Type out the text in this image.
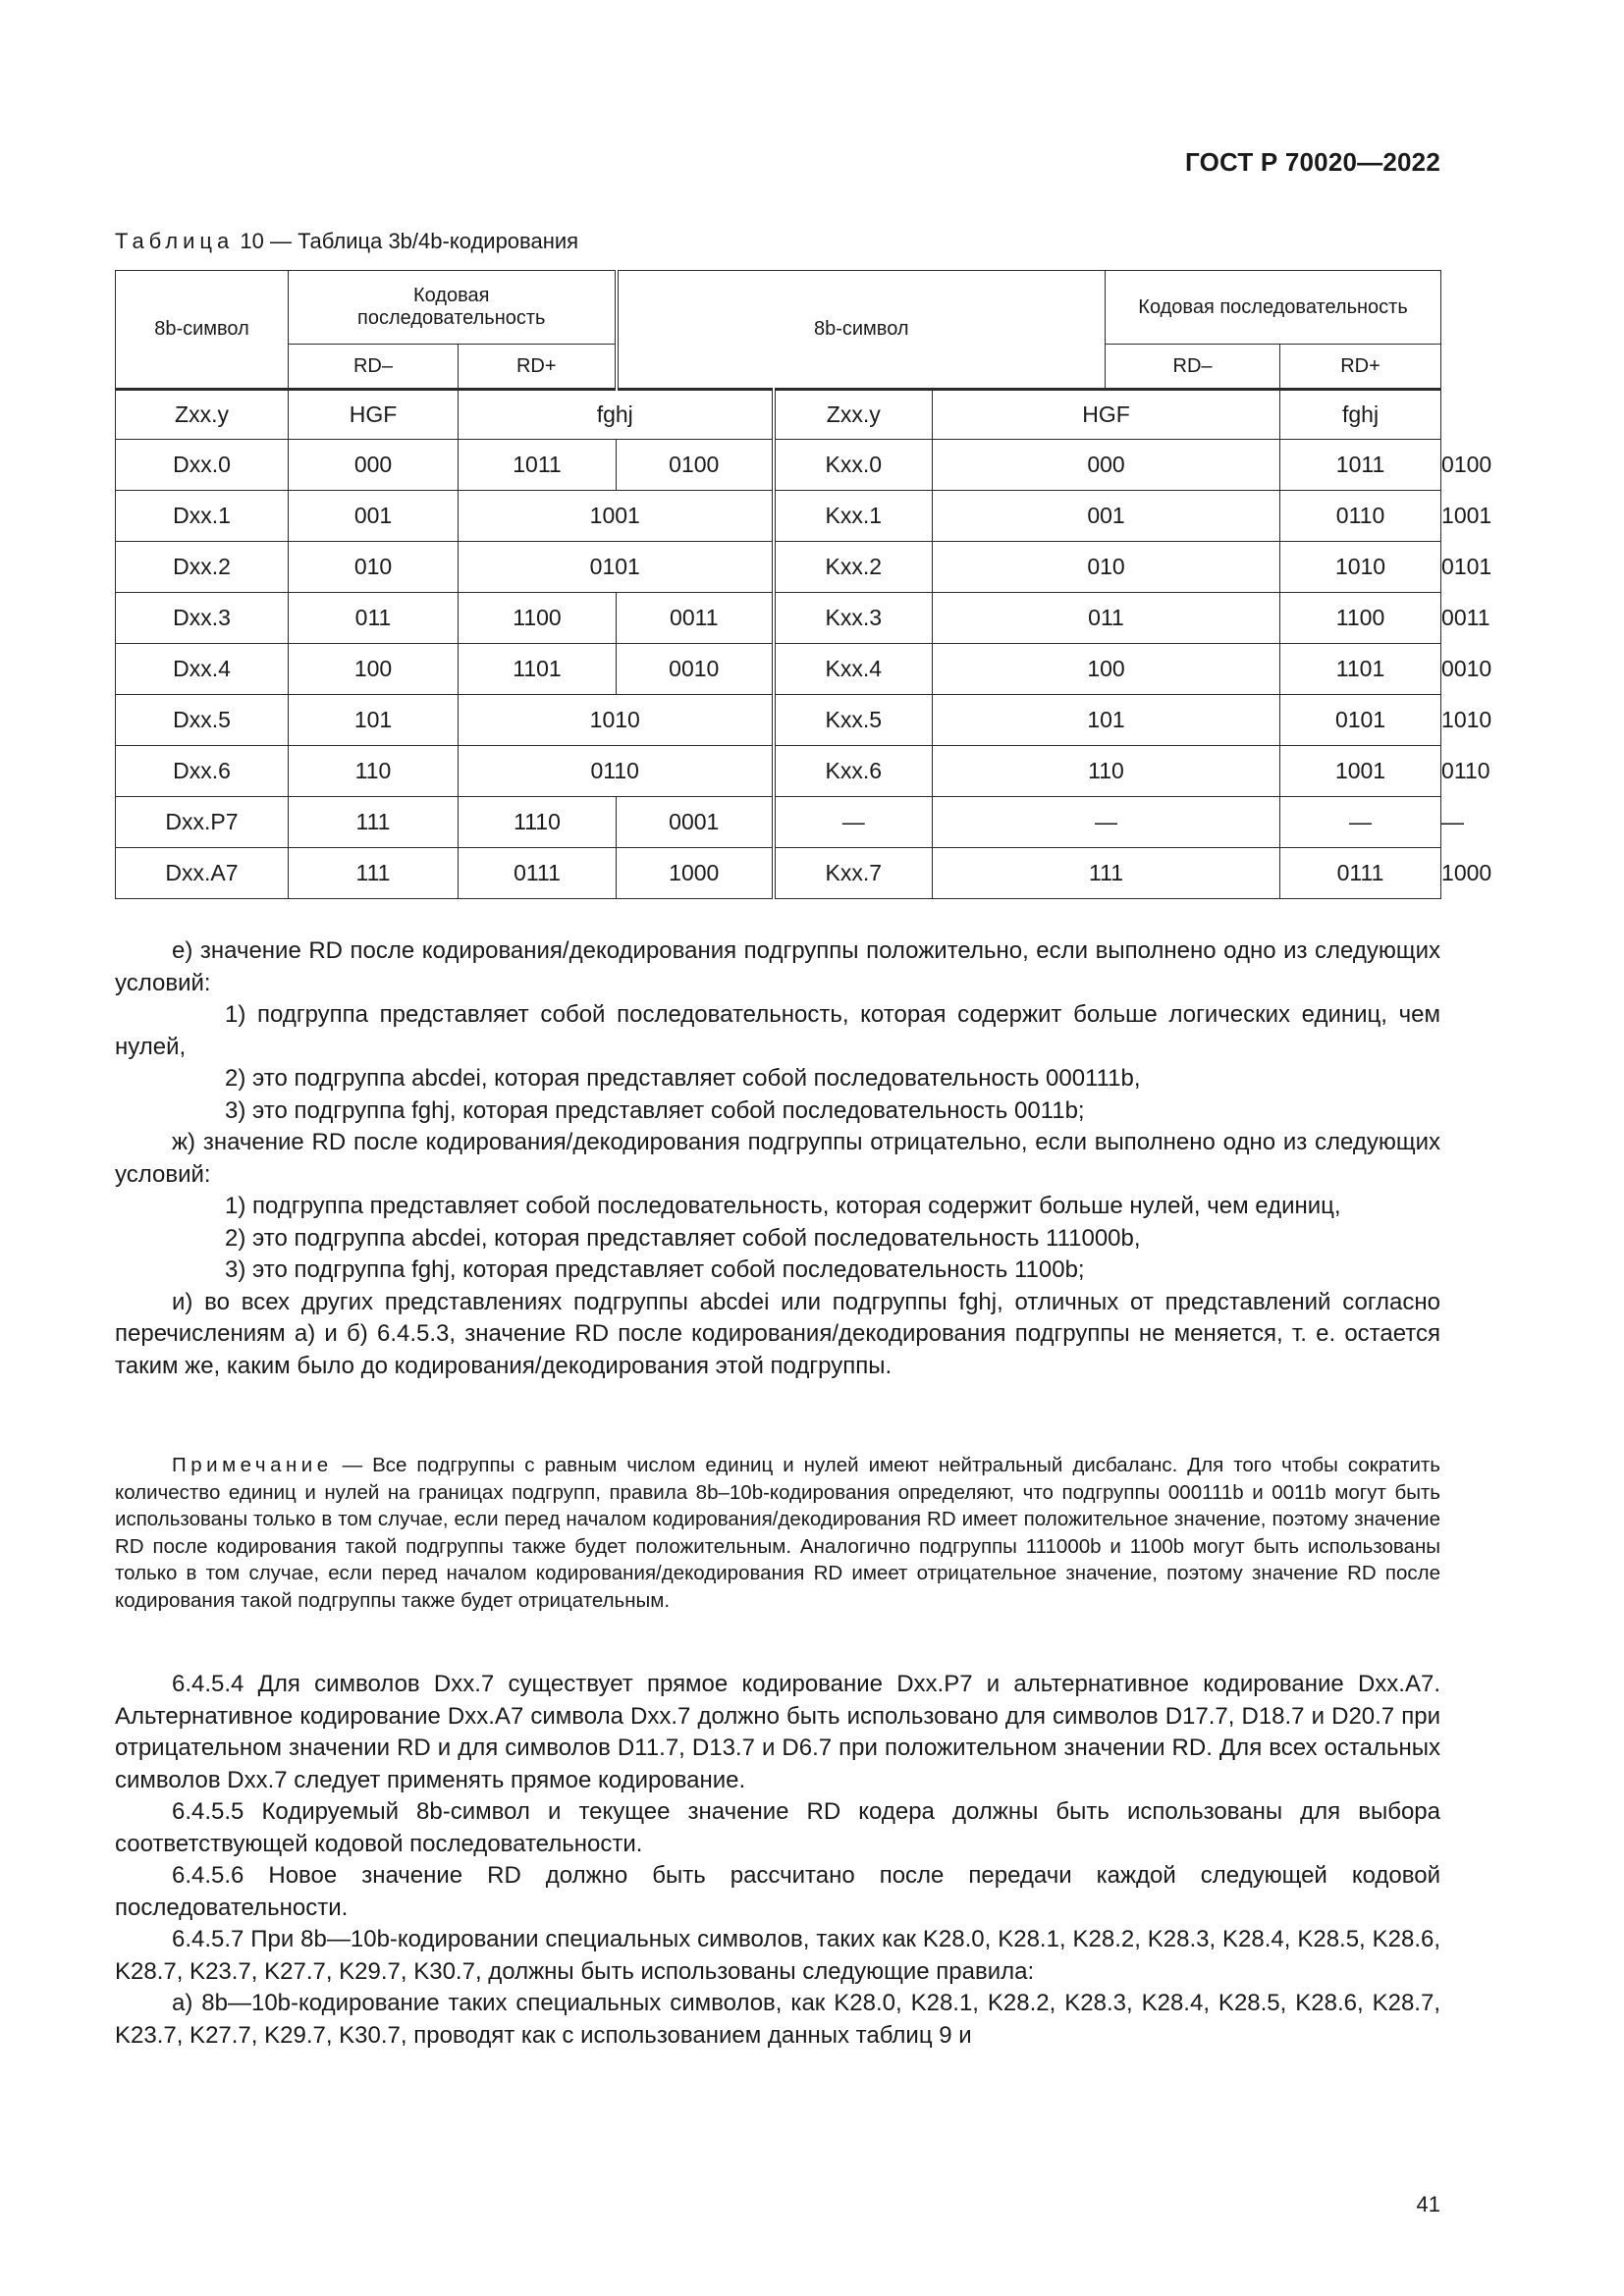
ГОСТ Р 70020—2022
Таблица 10 — Таблица 3b/4b-кодирования
8b-символ	Кодовая последовательность		8b-символ			Кодовая последовательность		
	RD–	RD+				RD–	RD+	
Zxx.y	HGF	fghj		Zxx.y	HGF		fghj	
Dxx.0	000	1011	0100	Kxx.0	000		1011	0100
Dxx.1	001	1001		Kxx.1	001		0110	1001
Dxx.2	010	0101		Kxx.2	010		1010	0101
Dxx.3	011	1100	0011	Kxx.3	011		1100	0011
Dxx.4	100	1101	0010	Kxx.4	100		1101	0010
Dxx.5	101	1010		Kxx.5	101		0101	1010
Dxx.6	110	0110		Kxx.6	110		1001	0110
Dxx.P7	111	1110	0001	—	—		—	—
Dxx.A7	111	0111	1000	Kxx.7	111		0111	1000

е) значение RD после кодирования/декодирования подгруппы положительно, если выполнено одно из следующих условий:

1) подгруппа представляет собой последовательность, которая содержит больше логических единиц, чем нулей,

2) это подгруппа abcdei, которая представляет собой последовательность 000111b,

3) это подгруппа fghj, которая представляет собой последовательность 0011b;

ж) значение RD после кодирования/декодирования подгруппы отрицательно, если выполнено одно из следующих условий:

1) подгруппа представляет собой последовательность, которая содержит больше нулей, чем единиц,

2) это подгруппа abcdei, которая представляет собой последовательность 111000b,

3) это подгруппа fghj, которая представляет собой последовательность 1100b;

и) во всех других представлениях подгруппы abcdei или подгруппы fghj, отличных от представлений согласно перечислениям а) и б) 6.4.5.3, значение RD после кодирования/декодирования подгруппы не меняется, т. е. остается таким же, каким было до кодирования/декодирования этой подгруппы.

Примечание — Все подгруппы с равным числом единиц и нулей имеют нейтральный дисбаланс. Для того чтобы сократить количество единиц и нулей на границах подгрупп, правила 8b–10b-кодирования определяют, что подгруппы 000111b и 0011b могут быть использованы только в том случае, если перед началом кодирования/декодирования RD имеет положительное значение, поэтому значение RD после кодирования такой подгруппы также будет положительным. Аналогично подгруппы 111000b и 1100b могут быть использованы только в том случае, если перед началом кодирования/декодирования RD имеет отрицательное значение, поэтому значение RD после кодирования такой подгруппы также будет отрицательным.

6.4.5.4 Для символов Dxx.7 существует прямое кодирование Dxx.P7 и альтернативное кодирование Dxx.A7. Альтернативное кодирование Dxx.A7 символа Dxx.7 должно быть использовано для символов D17.7, D18.7 и D20.7 при отрицательном значении RD и для символов D11.7, D13.7 и D6.7 при положительном значении RD. Для всех остальных символов Dxx.7 следует применять прямое кодирование.

6.4.5.5 Кодируемый 8b-символ и текущее значение RD кодера должны быть использованы для выбора соответствующей кодовой последовательности.

6.4.5.6 Новое значение RD должно быть рассчитано после передачи каждой следующей кодовой последовательности.

6.4.5.7 При 8b—10b-кодировании специальных символов, таких как K28.0, K28.1, K28.2, K28.3, K28.4, K28.5, K28.6, K28.7, K23.7, K27.7, K29.7, K30.7, должны быть использованы следующие правила:

а) 8b—10b-кодирование таких специальных символов, как K28.0, K28.1, K28.2, K28.3, K28.4, K28.5, K28.6, K28.7, K23.7, K27.7, K29.7, K30.7, проводят как с использованием данных таблиц 9 и

41
